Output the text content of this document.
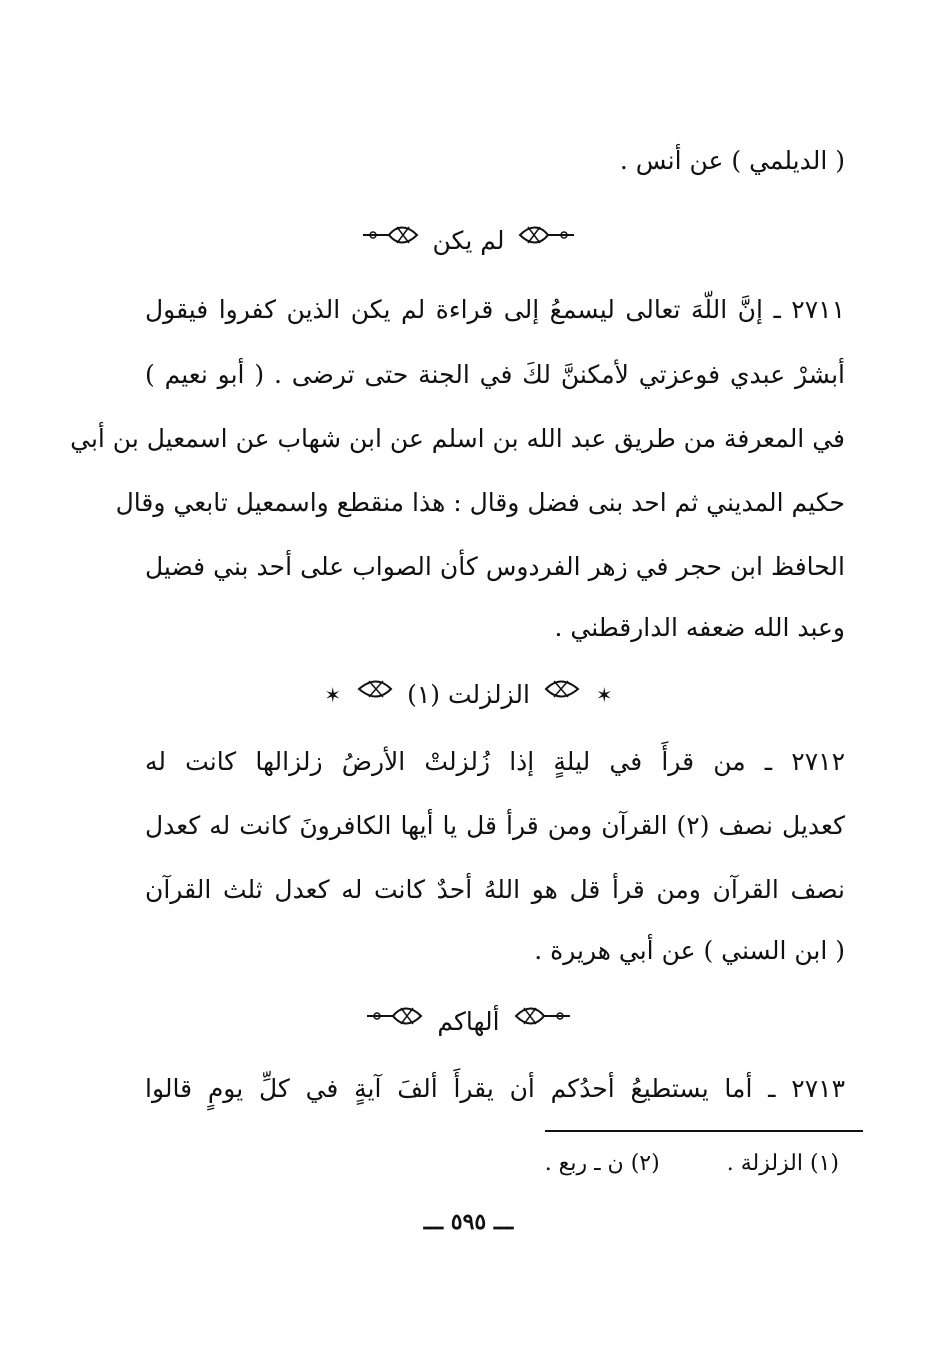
( الديلمي ) عن أنس .
لم يكن
٢٧١١ ـ إنَّ اللّهَ تعالى ليسمعُ إلى قراءة لم يكن الذين كفروا فيقول
أبشرْ عبدي فوعزتي لأمكننَّ لكَ في الجنة حتى ترضى . ( أبو نعيم )
في المعرفة من طريق عبد الله بن اسلم عن ابن شهاب عن اسمعيل بن أبي
حكيم المديني ثم احد بنى فضل وقال : هذا منقطع واسمعيل تابعي وقال
الحافظ ابن حجر في زهر الفردوس كأن الصواب على أحد بني فضيل
وعبد الله ضعفه الدارقطني .
✶  الزلزلت (١)  ✶
٢٧١٢ ـ من قرأَ في ليلةٍ إذا زُلزلتْ الأرضُ زلزالها كانت له
كعديل نصف (٢) القرآن ومن قرأ قل يا أيها الكافرونَ كانت له كعدل
نصف القرآن ومن قرأ قل هو اللهُ أحدٌ كانت له كعدل ثلث القرآن
( ابن السني ) عن أبي هريرة .
ألهاكم
٢٧١٣ ـ أما يستطيعُ أحدُكم أن يقرأَ ألفَ آيةٍ في كلِّ يومٍ قالوا
(١) الزلزلة . (٢) ن ـ ربع .
ـــ ٥٩٥ ـــ
